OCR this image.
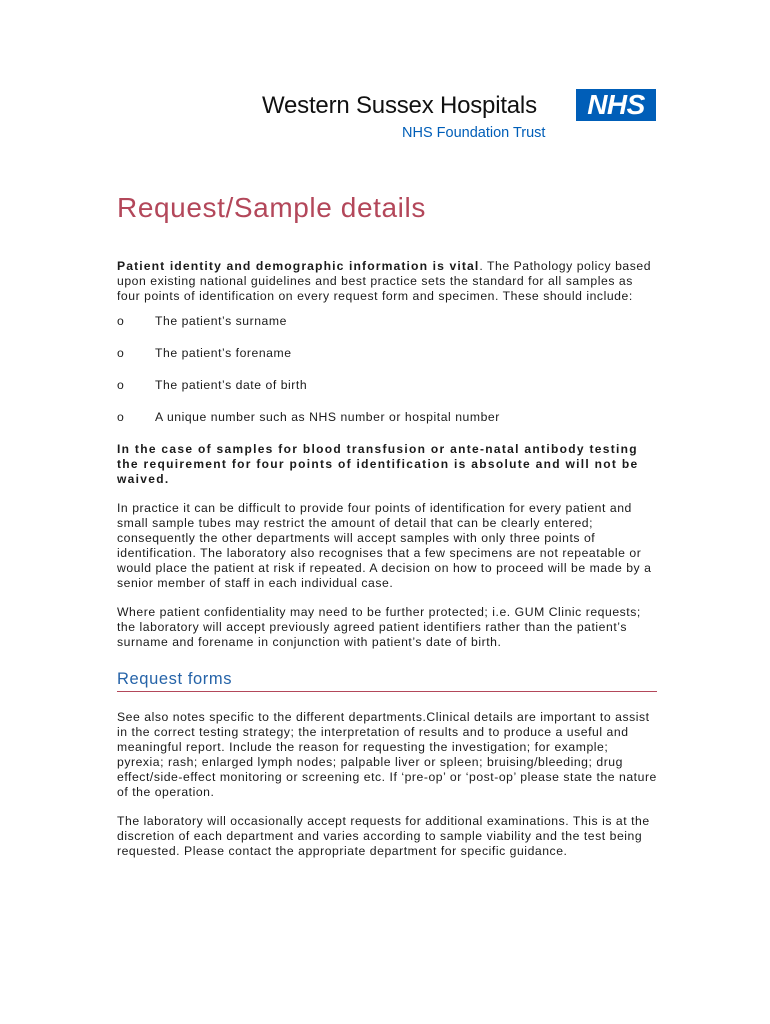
Western Sussex Hospitals	NHS
NHS Foundation Trust
Request/Sample details

Patient identity and demographic information is vital. The Pathology policy based upon existing national guidelines and best practice sets the standard for all samples as four points of identification on every request form and specimen. These should include:

o	The patient’s surname
o	The patient’s forename
o	The patient’s date of birth
o	A unique number such as NHS number or hospital number

In the case of samples for blood transfusion or ante-natal antibody testing the requirement for four points of identification is absolute and will not be waived.

In practice it can be difficult to provide four points of identification for every patient and small sample tubes may restrict the amount of detail that can be clearly entered; consequently the other departments will accept samples with only three points of identification. The laboratory also recognises that a few specimens are not repeatable or would place the patient at risk if repeated. A decision on how to proceed will be made by a senior member of staff in each individual case.

Where patient confidentiality may need to be further protected; i.e. GUM Clinic requests; the laboratory will accept previously agreed patient identifiers rather than the patient’s surname and forename in conjunction with patient’s date of birth.

Request forms

See also notes specific to the different departments.Clinical details are important to assist in the correct testing strategy; the interpretation of results and to produce a useful and meaningful report. Include the reason for requesting the investigation; for example; pyrexia; rash; enlarged lymph nodes; palpable liver or spleen; bruising/bleeding; drug effect/side-effect monitoring or screening etc. If ‘pre-op’ or ‘post-op’ please state the nature of the operation.

The laboratory will occasionally accept requests for additional examinations. This is at the discretion of each department and varies according to sample viability and the test being requested. Please contact the appropriate department for specific guidance.
